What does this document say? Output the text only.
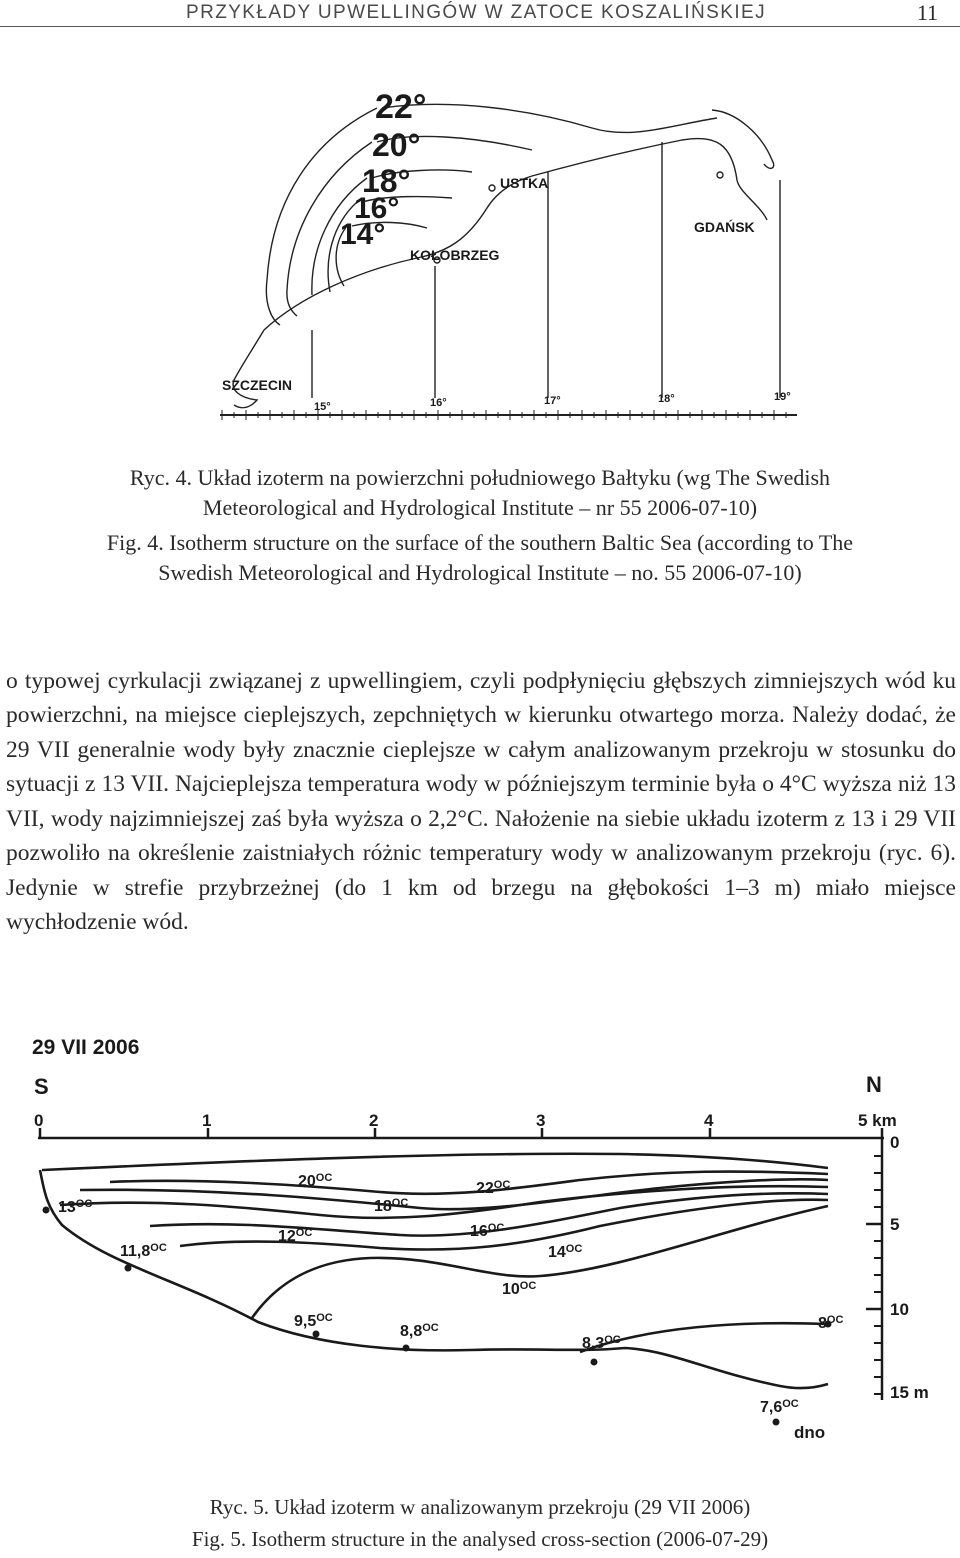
PRZYKŁADY UPWELLINGÓW W ZATOCE KOSZALIŃSKIEJ	11
22°
20°
18°
16°
14°
USTKA
KOŁOBRZEG
GDAŃSK
SZCZECIN
15°	16°	17°	18°	19°
Ryc. 4. Układ izoterm na powierzchni południowego Bałtyku (wg The Swedish
Meteorological and Hydrological Institute – nr 55 2006-07-10)
Fig. 4. Isotherm structure on the surface of the southern Baltic Sea (according to The
Swedish Meteorological and Hydrological Institute – no. 55 2006-07-10)

o typowej cyrkulacji związanej z upwellingiem, czyli podpłynięciu głębszych zimniejszych wód ku powierzchni, na miejsce cieplejszych, zepchniętych w kierunku otwartego morza. Należy dodać, że 29 VII generalnie wody były znacznie cieplejsze w całym analizowanym przekroju w stosunku do sytuacji z 13 VII. Najcieplejsza temperatura wody w późniejszym terminie była o 4°C wyższa niż 13 VII, wody najzimniejszej zaś była wyższa o 2,2°C. Nałożenie na siebie układu izoterm z 13 i 29 VII pozwoliło na określenie zaistniałych różnic temperatury wody w analizowanym przekroju (ryc. 6). Jedynie w strefie przybrzeżnej (do 1 km od brzegu na głębokości 1–3 m) miało miejsce wychłodzenie wód.

29 VII 2006
S	N
0	1	2	3	4	5 km
0
5
10
15 m
$20^{OC}$
$22^{OC}$
$18^{OC}$
$12^{OC}$	$16^{OC}$
$14^{OC}$
$10^{OC}$
$13^{OC}$
$11,8^{OC}$
$9,5^{OC}$
$8,8^{OC}$
$8,3^{OC}$
$8^{OC}$
$7,6^{OC}$
dno
Ryc. 5. Układ izoterm w analizowanym przekroju (29 VII 2006)
Fig. 5. Isotherm structure in the analysed cross-section (2006-07-29)
